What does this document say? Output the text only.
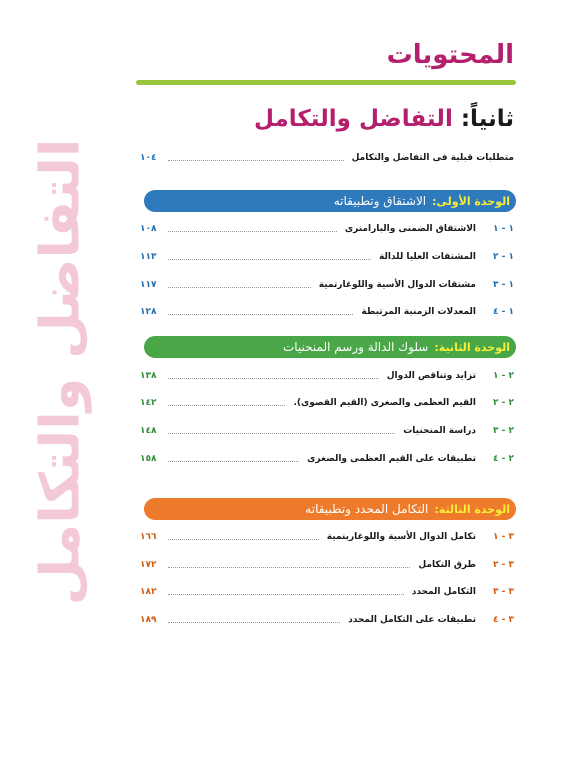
المحتويات
ثانياً: التفاضل والتكامل
التفاضل والتكامل	متطلبات قبلية فى التفاضل والتكامل
١٠٤
الوحدة الأولى:
الاشتقاق وتطبيقاته
١ - ١
الاشتقاق الضمنى والبارامترى
١٠٨
١ - ٢
المشتقات العليا للدالة
١١٣
١ - ٣
مشتقات الدوال الأسية واللوغارتمية
١١٧
١ - ٤
المعدلات الزمنية المرتبطة
١٢٨
الوحدة الثانية:
سلوك الدالة ورسم المنحنيات
٢ - ١
تزايد وتناقص الدوال
١٣٨
٢ - ٢
القيم العظمى والصغرى (القيم القصوى).
١٤٢
٢ - ٣
دراسة المنحنيات
١٤٨
٢ - ٤
تطبيقات على القيم العظمى والصغرى
١٥٨
الوحدة الثالثة:
التكامل المحدد وتطبيقاته
٣ - ١
تكامل الدوال الأسية واللوغاريتمية
١٦٦
٣ - ٢
طرق التكامل
١٧٢
٣ - ٣
التكامل المحدد
١٨٢
٣ - ٤
تطبيقات على التكامل المحدد
١٨٩
